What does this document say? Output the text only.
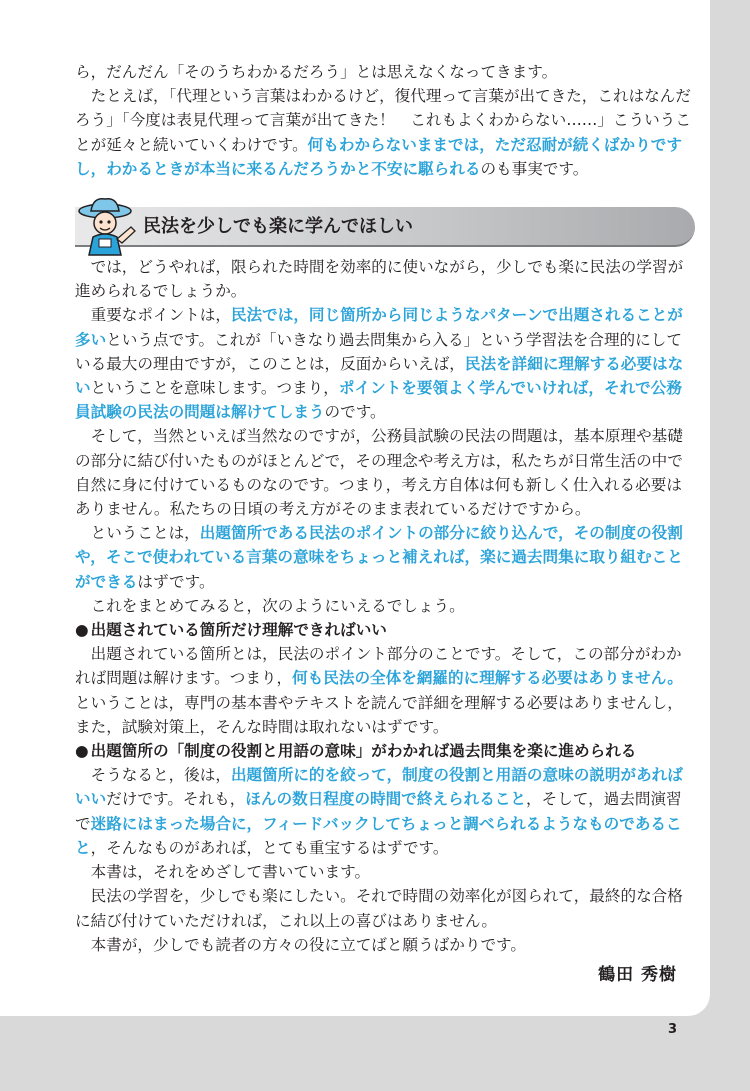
ら，だんだん「そのうちわかるだろう」とは思えなくなってきます。

たとえば，「代理という言葉はわかるけど，復代理って言葉が出てきた，これはなんだろう」「今度は表見代理って言葉が出てきた！　これもよくわからない……」こういうことが延々と続いていくわけです。何もわからないままでは，ただ忍耐が続くばかりですし，わかるときが本当に来るんだろうかと不安に駆られるのも事実です。

民法を少しでも楽に学んでほしい

では，どうやれば，限られた時間を効率的に使いながら，少しでも楽に民法の学習が進められるでしょうか。

重要なポイントは，民法では，同じ箇所から同じようなパターンで出題されることが多いという点です。これが「いきなり過去問集から入る」という学習法を合理的にしている最大の理由ですが，このことは，反面からいえば，民法を詳細に理解する必要はないということを意味します。つまり，ポイントを要領よく学んでいければ，それで公務員試験の民法の問題は解けてしまうのです。

そして，当然といえば当然なのですが，公務員試験の民法の問題は，基本原理や基礎の部分に結び付いたものがほとんどで，その理念や考え方は，私たちが日常生活の中で自然に身に付けているものなのです。つまり，考え方自体は何も新しく仕入れる必要はありません。私たちの日頃の考え方がそのまま表れているだけですから。

ということは，出題箇所である民法のポイントの部分に絞り込んで，その制度の役割や，そこで使われている言葉の意味をちょっと補えれば，楽に過去問集に取り組むことができるはずです。

これをまとめてみると，次のようにいえるでしょう。

● 出題されている箇所だけ理解できればいい

出題されている箇所とは，民法のポイント部分のことです。そして，この部分がわかれば問題は解けます。つまり，何も民法の全体を網羅的に理解する必要はありません。

ということは，専門の基本書やテキストを読んで詳細を理解する必要はありませんし，また，試験対策上，そんな時間は取れないはずです。

● 出題箇所の「制度の役割と用語の意味」がわかれば過去問集を楽に進められる

そうなると，後は，出題箇所に的を絞って，制度の役割と用語の意味の説明があればいいだけです。それも，ほんの数日程度の時間で終えられること，そして，過去問演習で迷路にはまった場合に，フィードバックしてちょっと調べられるようなものであること，そんなものがあれば，とても重宝するはずです。

本書は，それをめざして書いています。

民法の学習を，少しでも楽にしたい。それで時間の効率化が図られて，最終的な合格に結び付けていただければ，これ以上の喜びはありません。

本書が，少しでも読者の方々の役に立てばと願うばかりです。

鶴田 秀樹
3
